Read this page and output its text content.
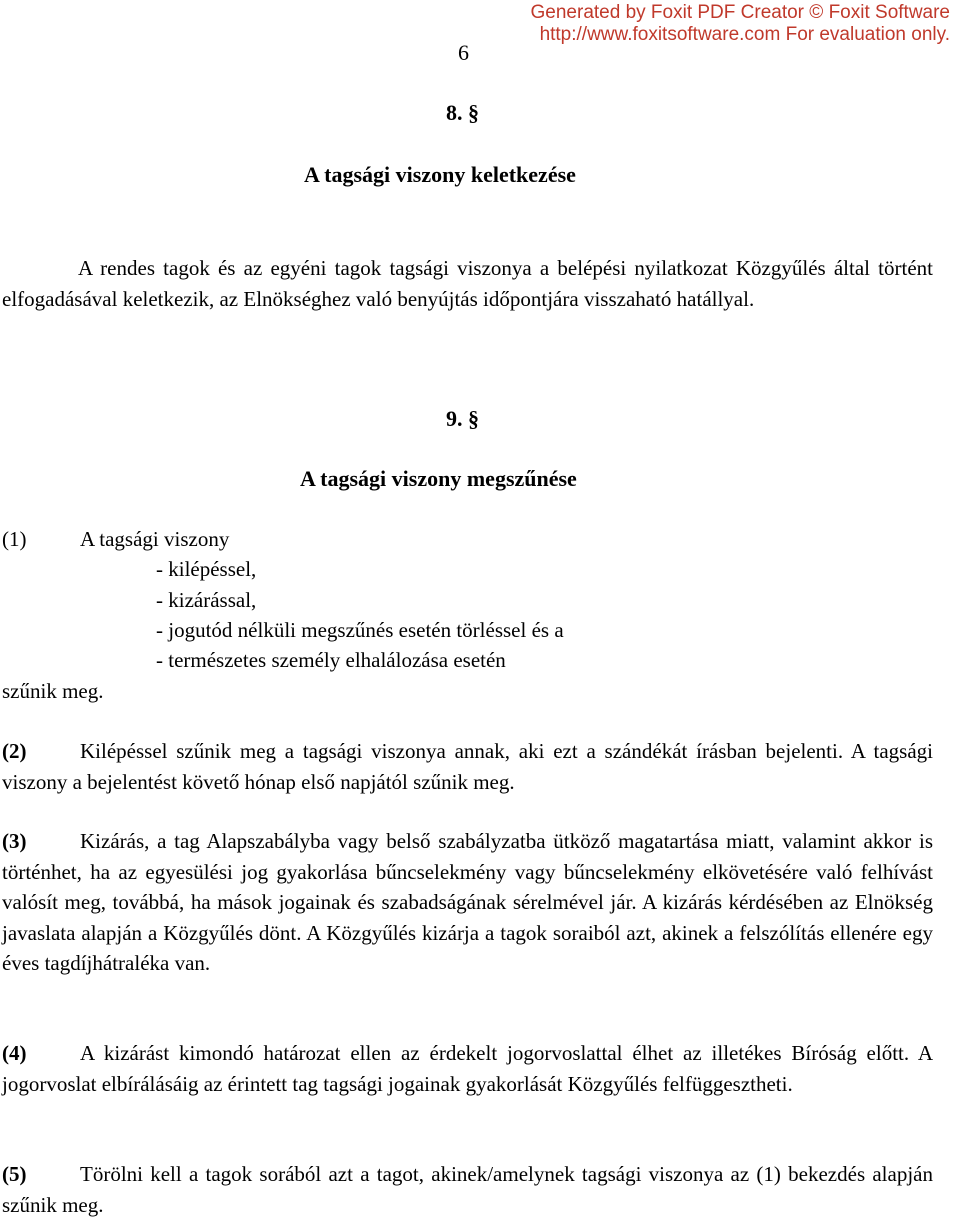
Generated by Foxit PDF Creator © Foxit Software
http://www.foxitsoftware.com For evaluation only.
6
8. §
A tagsági viszony keletkezése
A rendes tagok és az egyéni tagok tagsági viszonya a belépési nyilatkozat Közgyűlés által történt elfogadásával keletkezik, az Elnökséghez való benyújtás időpontjára visszaható hatállyal.
9. §
A tagsági viszony megszűnése
(1)	A tagsági viszony
- kilépéssel,
- kizárással,
- jogutód nélküli megszűnés esetén törléssel és a
- természetes személy elhalálozása esetén
szűnik meg.
(2)	Kilépéssel szűnik meg a tagsági viszonya annak, aki ezt a szándékát írásban bejelenti. A tagsági viszony a bejelentést követő hónap első napjától szűnik meg.
(3)	Kizárás, a tag Alapszabályba vagy belső szabályzatba ütköző magatartása miatt, valamint akkor is történhet, ha az egyesülési jog gyakorlása bűncselekmény vagy bűncselekmény elkövetésére való felhívást valósít meg, továbbá, ha mások jogainak és szabadságának sérelmével jár. A kizárás kérdésében az Elnökség javaslata alapján a Közgyűlés dönt. A Közgyűlés kizárja a tagok soraiból azt, akinek a felszólítás ellenére egy éves tagdíjhátraléka van.
(4)	A kizárást kimondó határozat ellen az érdekelt jogorvoslattal élhet az illetékes Bíróság előtt. A jogorvoslat elbírálásáig az érintett tag tagsági jogainak gyakorlását Közgyűlés felfüggesztheti.
(5)	Törölni kell a tagok sorából azt a tagot, akinek/amelynek tagsági viszonya az (1) bekezdés alapján szűnik meg.
